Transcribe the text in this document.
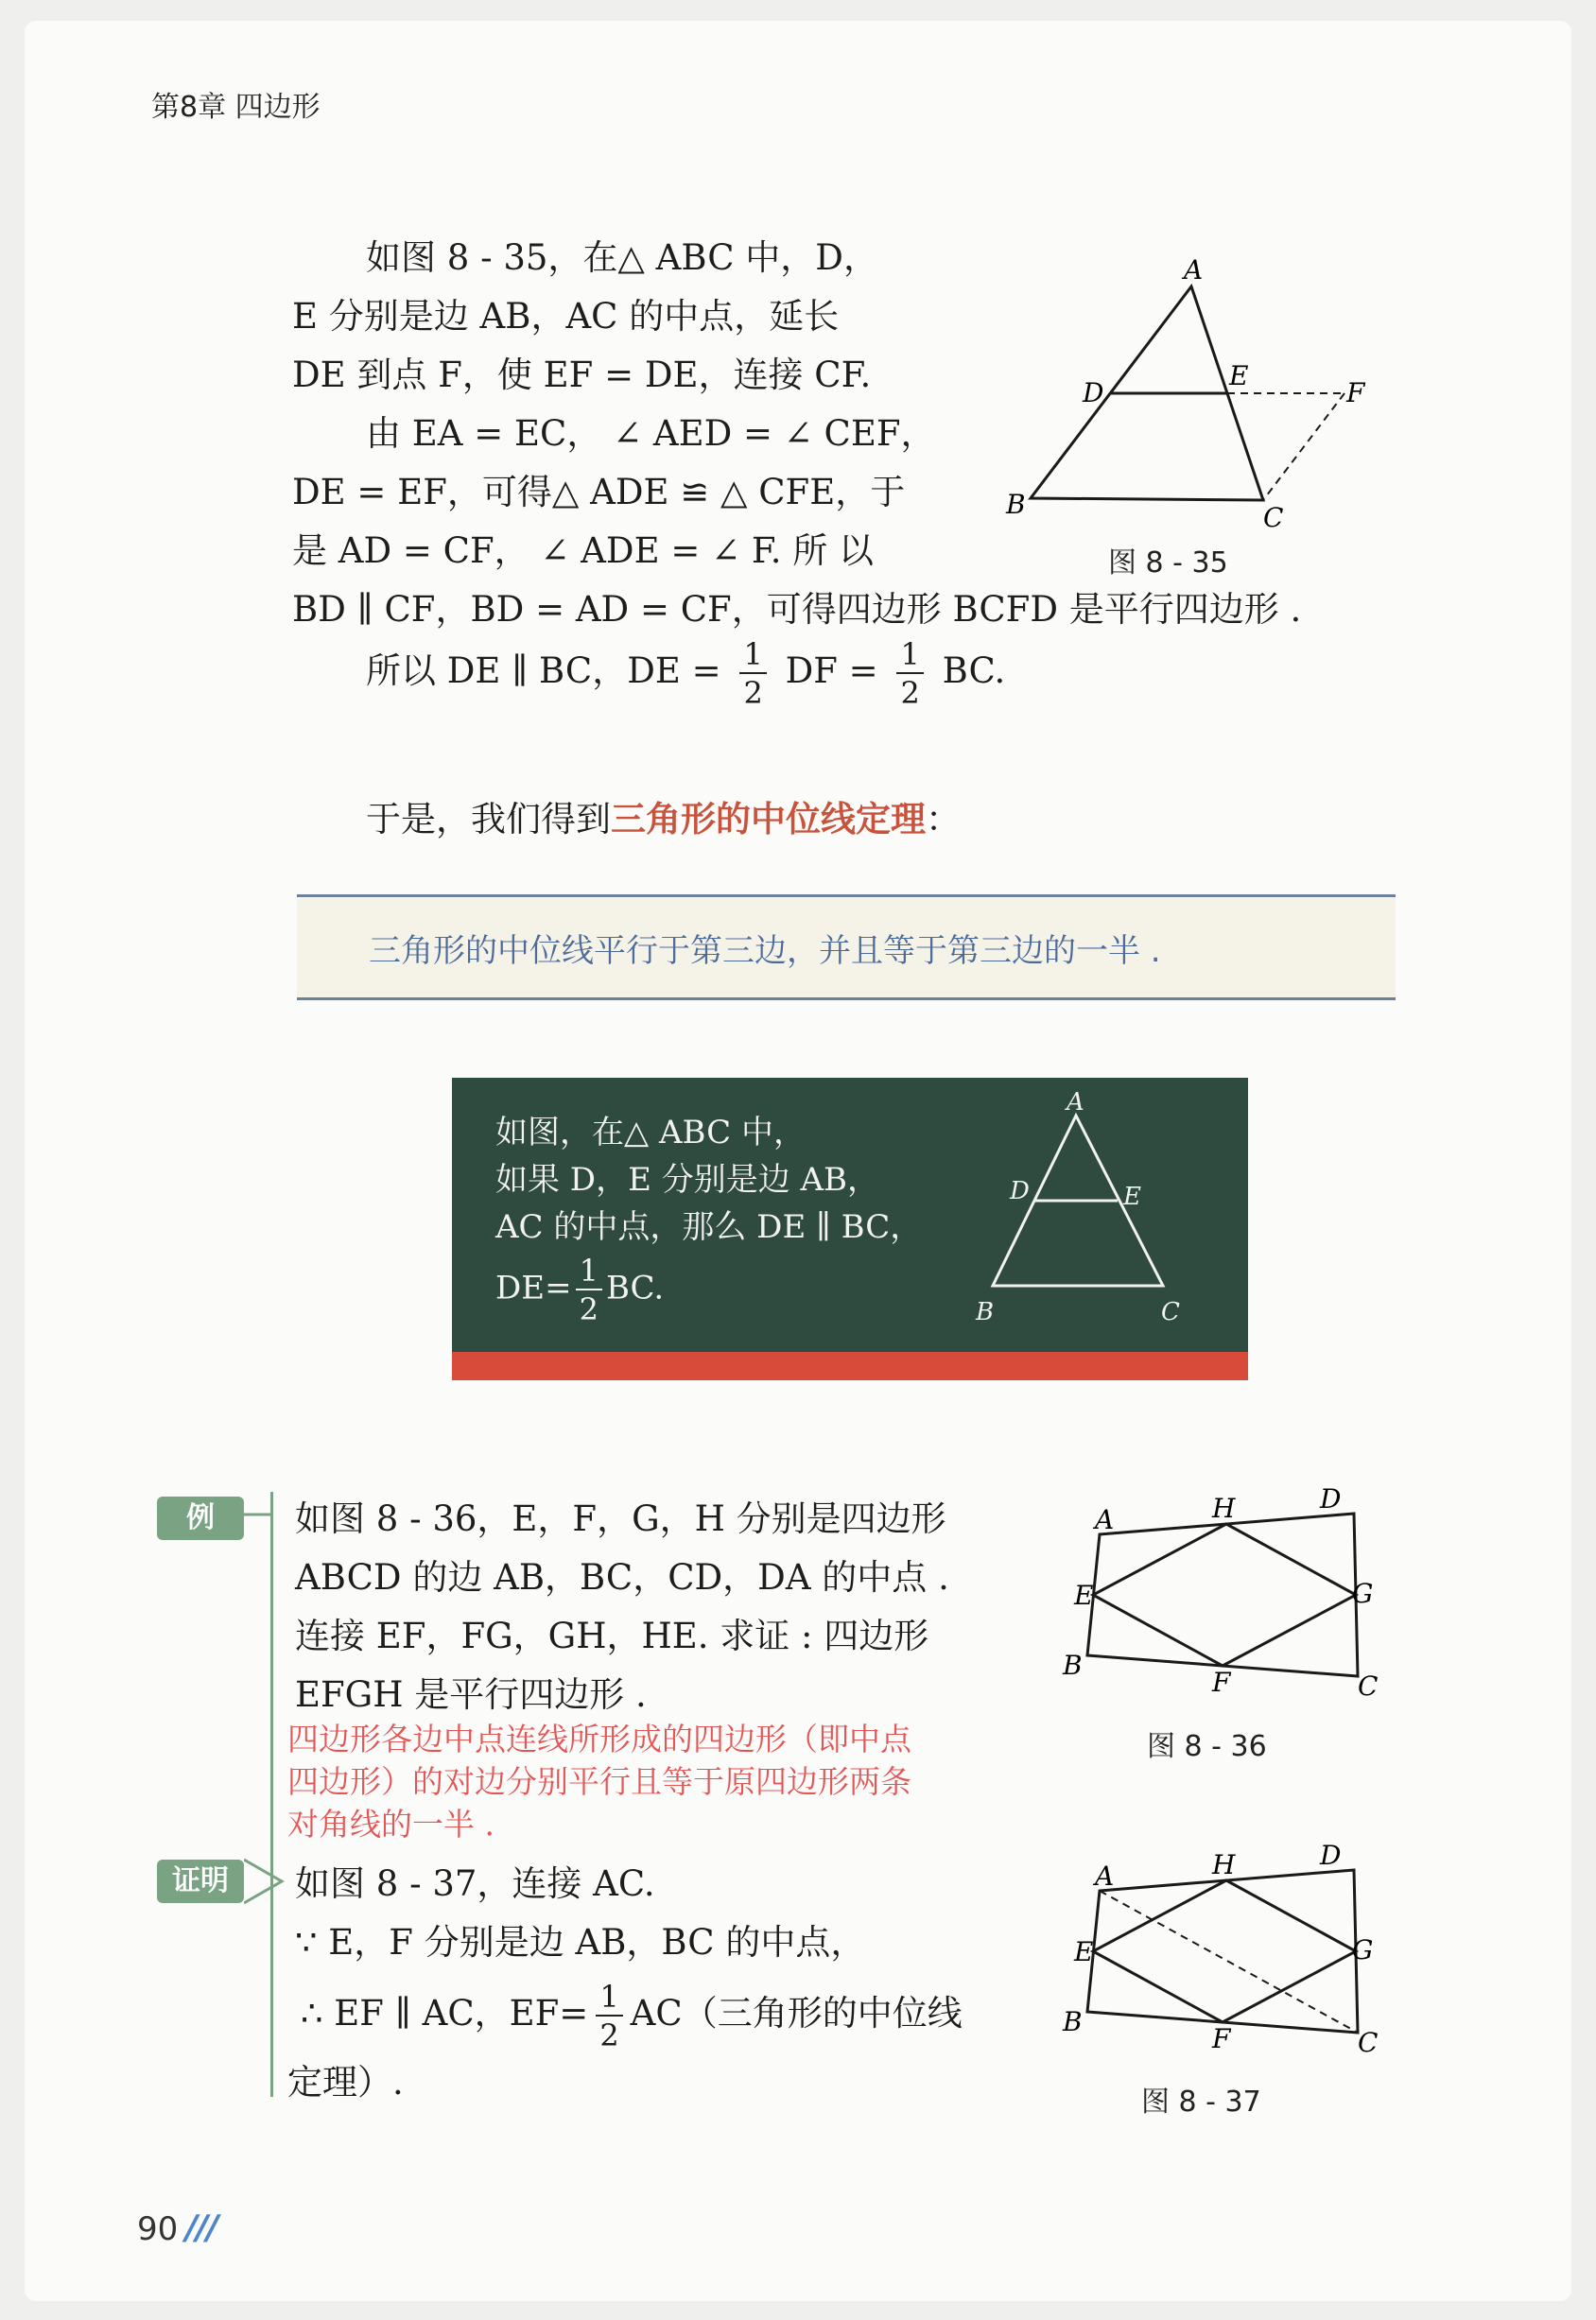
第8章 四边形
如图 8 - 35，在△ ABC 中，D，
E 分别是边 AB，AC 的中点，延长
DE 到点 F，使 EF = DE，连接 CF.
由 EA = EC， ∠ AED = ∠ CEF，
DE = EF，可得△ ADE ≌ △ CFE，于
是 AD = CF， ∠ ADE = ∠ F. 所 以
BD ∥ CF，BD = AD = CF，可得四边形 BCFD 是平行四边形 .
所以 DE ∥ BC，DE = $\frac{1}{2}$ DF = $\frac{1}{2}$ BC.
于是，我们得到三角形的中位线定理：
A
B	C
D
E
F
图 8 - 35
三角形的中位线平行于第三边，并且等于第三边的一半 .
如图，在△ ABC 中，
如果 D，E 分别是边 AB，
AC 的中点，那么 DE ∥ BC，
$DE= \frac{1}{2}$ BC.
A
B	C
D	E
例	如图 8 - 36，E，F，G，H 分别是四边形
ABCD 的边 AB，BC，CD，DA 的中点 .
连接 EF，FG，GH，HE. 求证 : 四边形
EFGH 是平行四边形 .
四边形各边中点连线所形成的四边形（即中点
四边形）的对边分别平行且等于原四边形两条
对角线的一半 .
A
B
C
D
E
F
G
H
图 8 - 36
证明	如图 8 - 37，连接 AC.
∵ E，F 分别是边 AB，BC 的中点，
∴ EF ∥ AC，$EF= \frac{1}{2} AC$（三角形的中位线
定理）.
A
B
C
D
E
F
G
H
图 8 - 37
90 ///
